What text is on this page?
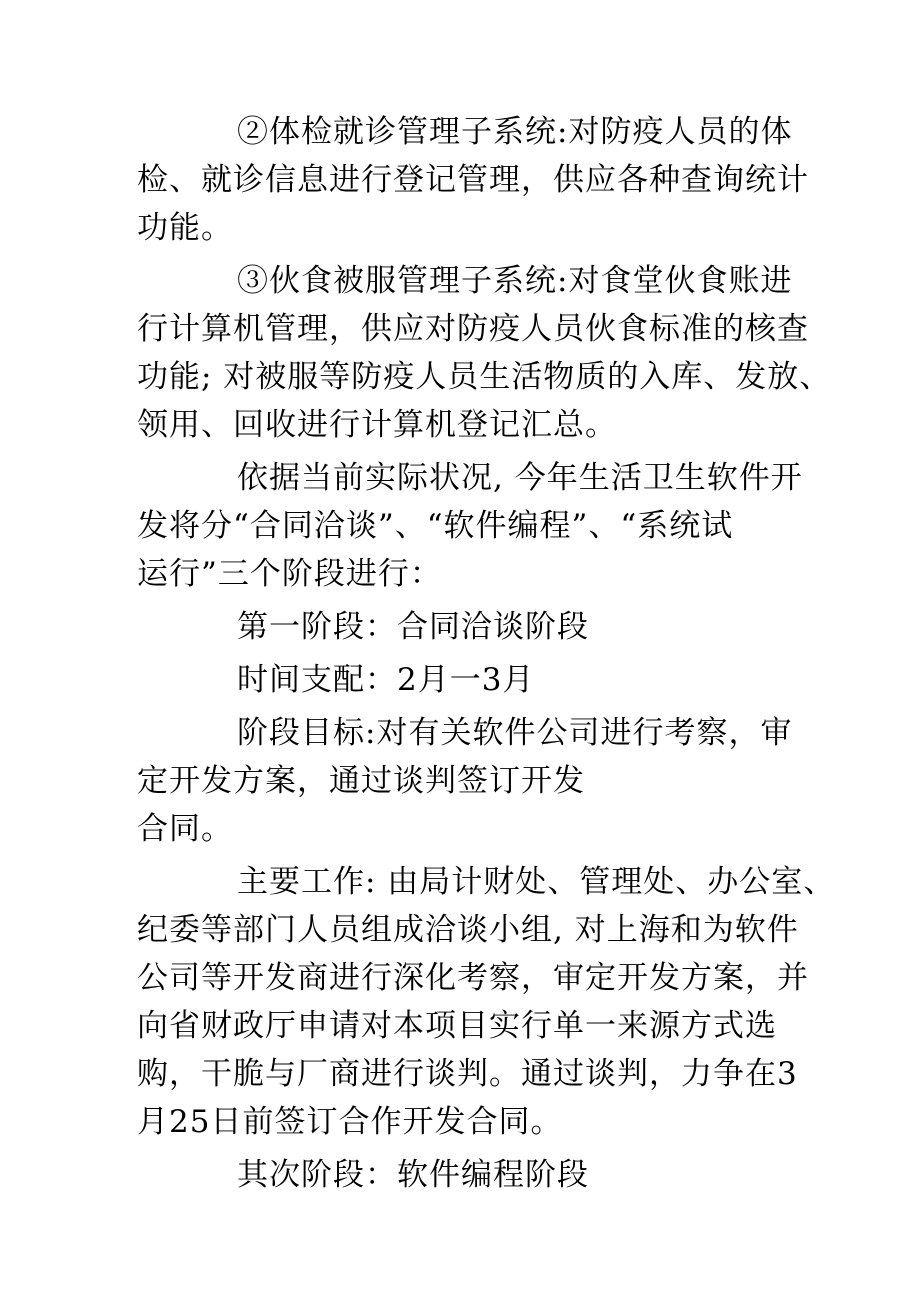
②体检就诊管理子系统:对防疫人员的体
检、就诊信息进行登记管理，供应各种查询统计
功能。
③伙食被服管理子系统:对食堂伙食账进
行计算机管理，供应对防疫人员伙食标准的核查
功能; 对被服等防疫人员生活物质的入库、发放、
领用、回收进行计算机登记汇总。
依据当前实际状况, 今年生活卫生软件开
发将分“合同洽谈”、“软件编程”、“系统试
运行”三个阶段进行：
第一阶段：合同洽谈阶段
时间支配：2月一3月
阶段目标:对有关软件公司进行考察，审
定开发方案，通过谈判签订开发
合同。
主要工作: 由局计财处、管理处、办公室、
纪委等部门人员组成洽谈小组, 对上海和为软件
公司等开发商进行深化考察，审定开发方案，并
向省财政厅申请对本项目实行单一来源方式选
购，干脆与厂商进行谈判。通过谈判，力争在3
月25日前签订合作开发合同。
其次阶段：软件编程阶段
